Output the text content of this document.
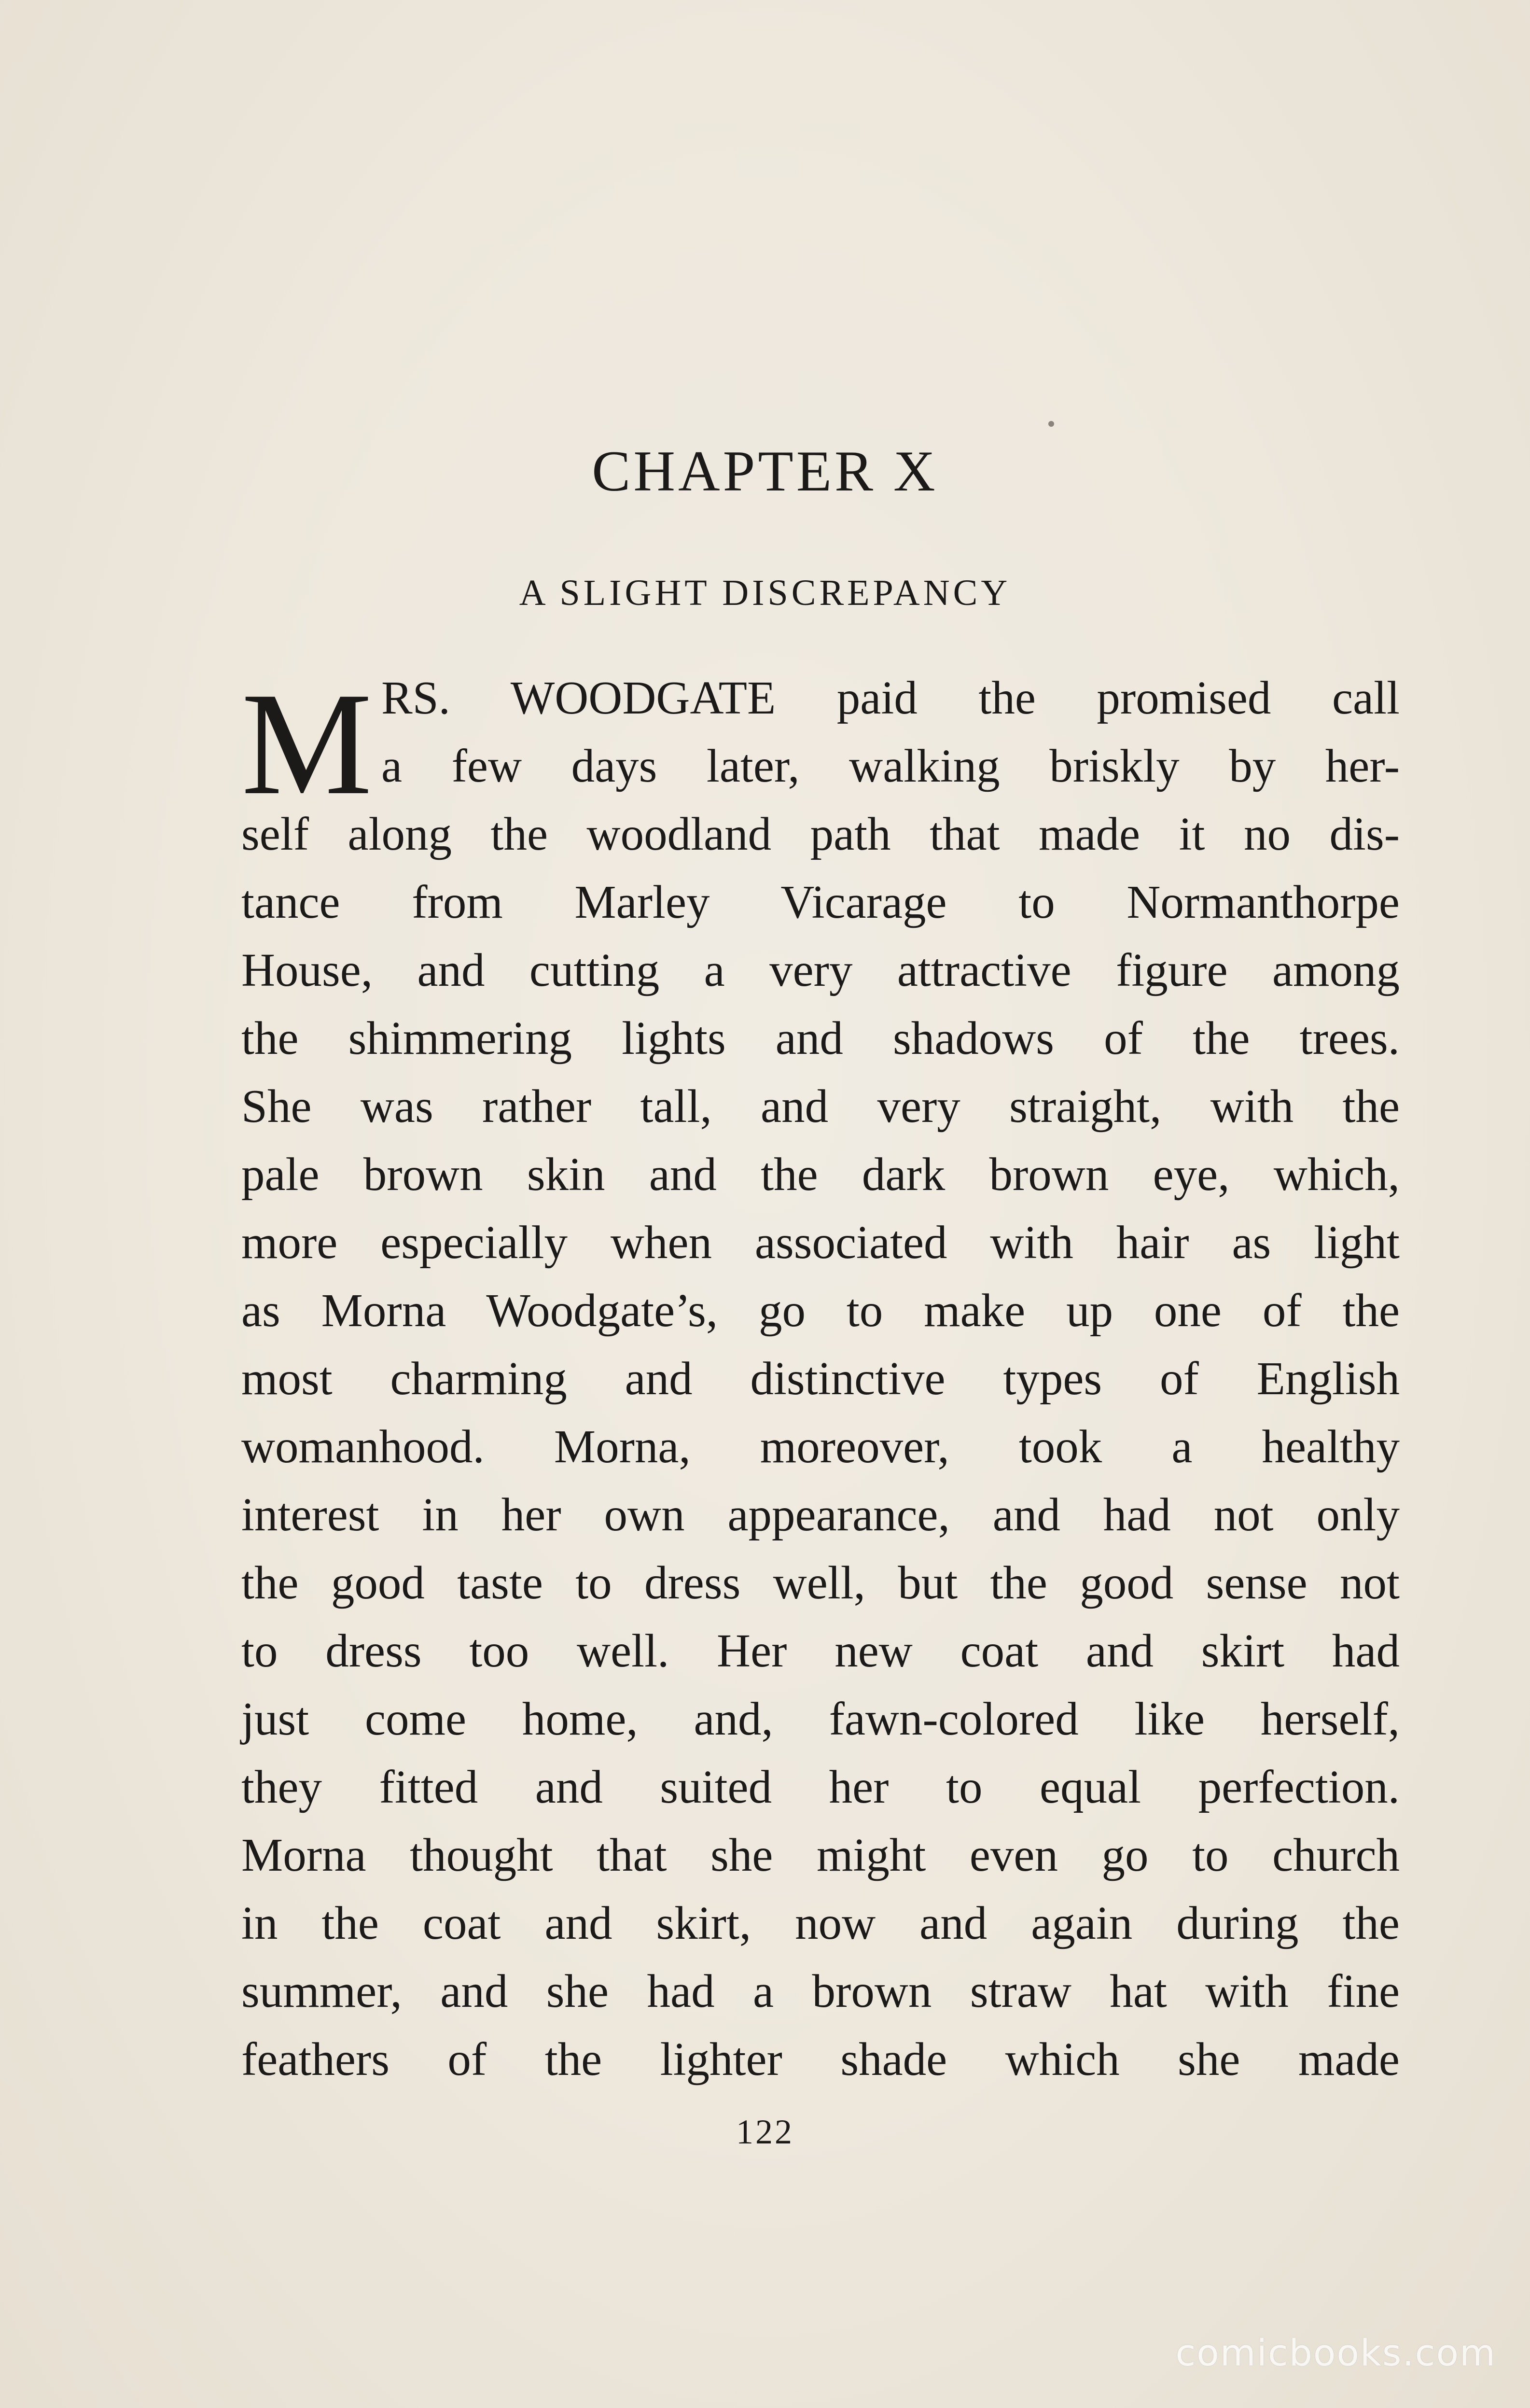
CHAPTER X
A SLIGHT DISCREPANCY
M RS. WOODGATE paid the promised call
a few days later, walking briskly by her-
self along the woodland path that made it no dis-
tance from Marley Vicarage to Normanthorpe
House, and cutting a very attractive figure among
the shimmering lights and shadows of the trees.
She was rather tall, and very straight, with the
pale brown skin and the dark brown eye, which,
more especially when associated with hair as light
as Morna Woodgate’s, go to make up one of the
most charming and distinctive types of English
womanhood. Morna, moreover, took a healthy
interest in her own appearance, and had not only
the good taste to dress well, but the good sense not
to dress too well. Her new coat and skirt had
just come home, and, fawn-colored like herself,
they fitted and suited her to equal perfection.
Morna thought that she might even go to church
in the coat and skirt, now and again during the
summer, and she had a brown straw hat with fine
feathers of the lighter shade which she made
122
comicbooks.com
